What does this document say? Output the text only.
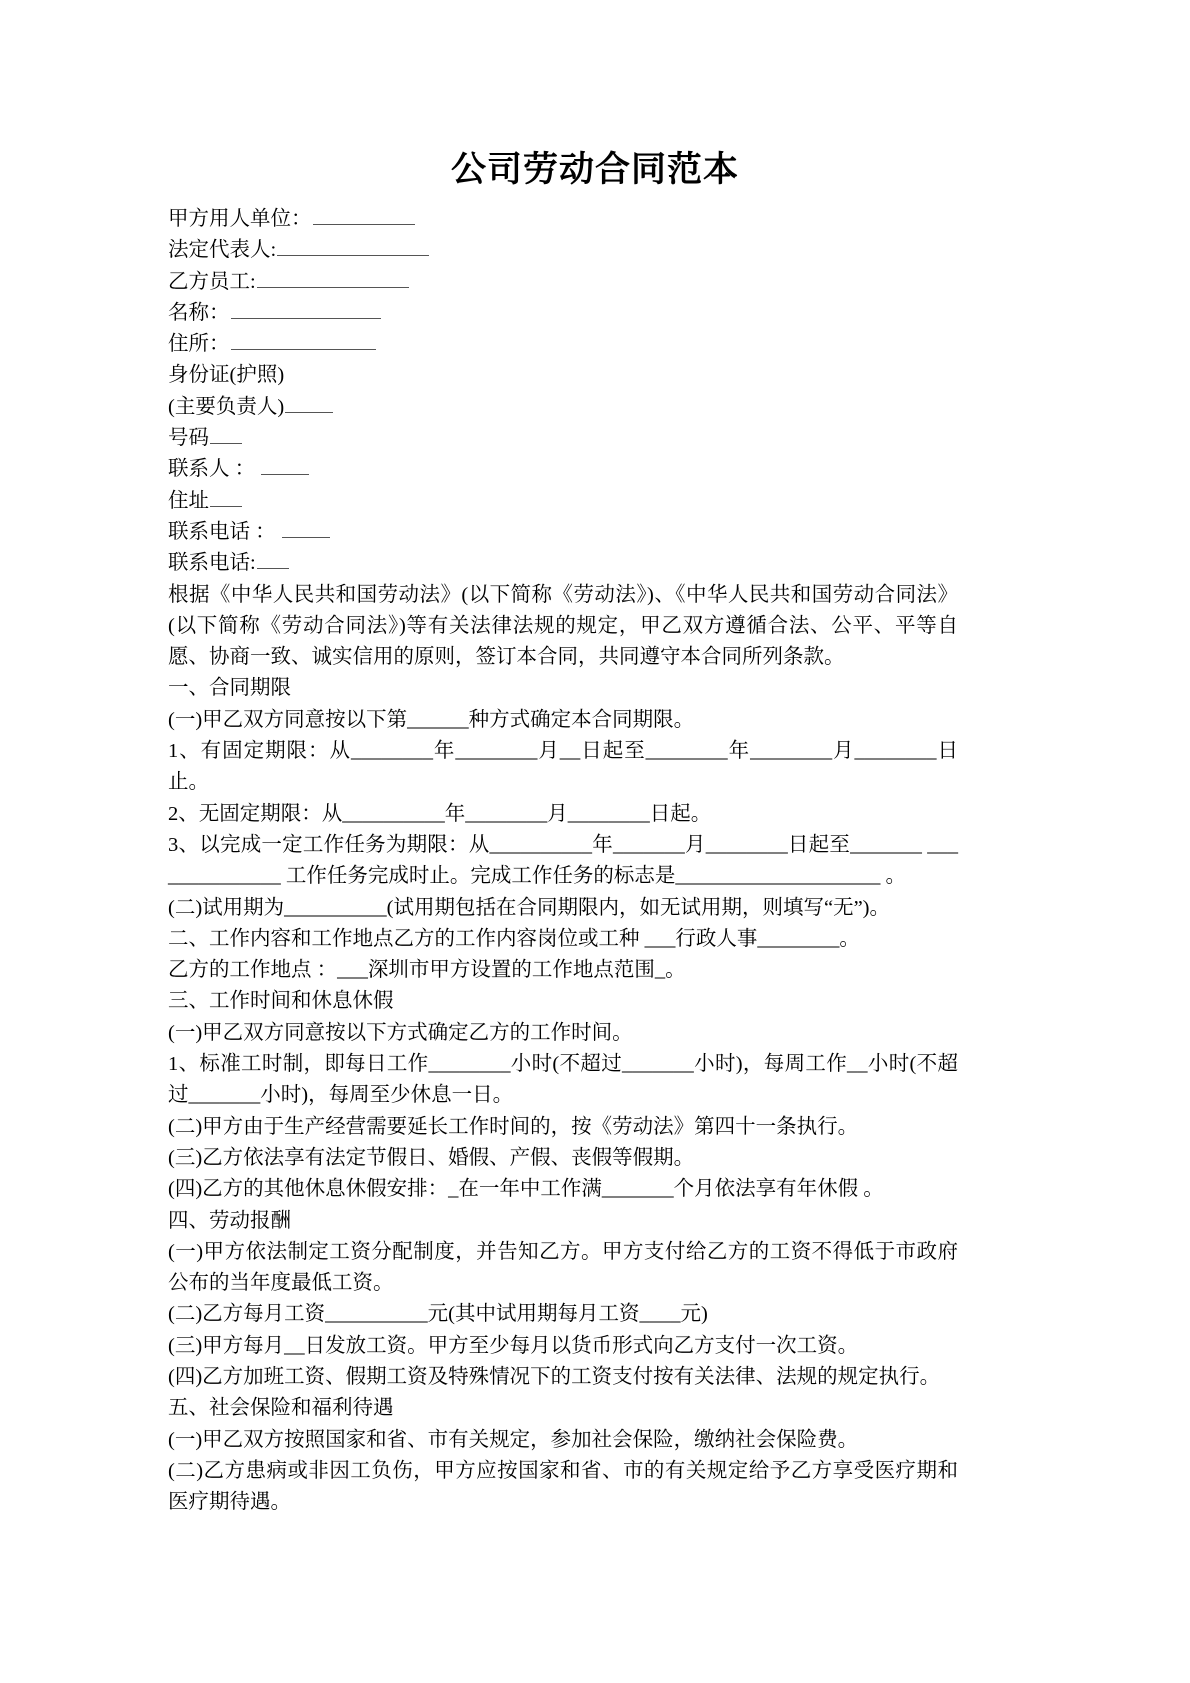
公司劳动合同范本
甲方用人单位：
法定代表人:
乙方员工:
名称：
住所：
身份证(护照)
(主要负责人)
号码
联系人 ：
住址
联系电话 ：
联系电话:
根据《中华人民共和国劳动法》(以下简称《劳动法》)、《中华人民共和国劳动合同法》(以下简称《劳动合同法》)等有关法律法规的规定，甲乙双方遵循合法、公平、平等自愿、协商一致、诚实信用的原则，签订本合同，共同遵守本合同所列条款。
一、合同期限
(一)甲乙双方同意按以下第______种方式确定本合同期限。
1、有固定期限：从________年________月__日起至________年________月________日止。
2、无固定期限：从__________年________月________日起。
3、以完成一定工作任务为期限：从__________年_______月________日起至_______ ______________ 工作任务完成时止。完成工作任务的标志是____________________ 。
(二)试用期为__________(试用期包括在合同期限内，如无试用期，则填写“无”)。
二、工作内容和工作地点乙方的工作内容岗位或工种 ___行政人事________。
乙方的工作地点 ：___深圳市甲方设置的工作地点范围_。
三、工作时间和休息休假
(一)甲乙双方同意按以下方式确定乙方的工作时间。
1、标准工时制，即每日工作________小时(不超过_______小时)，每周工作__小时(不超过_______小时)，每周至少休息一日。
(二)甲方由于生产经营需要延长工作时间的，按《劳动法》第四十一条执行。
(三)乙方依法享有法定节假日、婚假、产假、丧假等假期。
(四)乙方的其他休息休假安排：_在一年中工作满_______个月依法享有年休假 。
四、劳动报酬
(一)甲方依法制定工资分配制度，并告知乙方。甲方支付给乙方的工资不得低于市政府公布的当年度最低工资。
(二)乙方每月工资__________元(其中试用期每月工资____元)
(三)甲方每月__日发放工资。甲方至少每月以货币形式向乙方支付一次工资。
(四)乙方加班工资、假期工资及特殊情况下的工资支付按有关法律、法规的规定执行。
五、社会保险和福利待遇
(一)甲乙双方按照国家和省、市有关规定，参加社会保险，缴纳社会保险费。
(二)乙方患病或非因工负伤，甲方应按国家和省、市的有关规定给予乙方享受医疗期和医疗期待遇。
